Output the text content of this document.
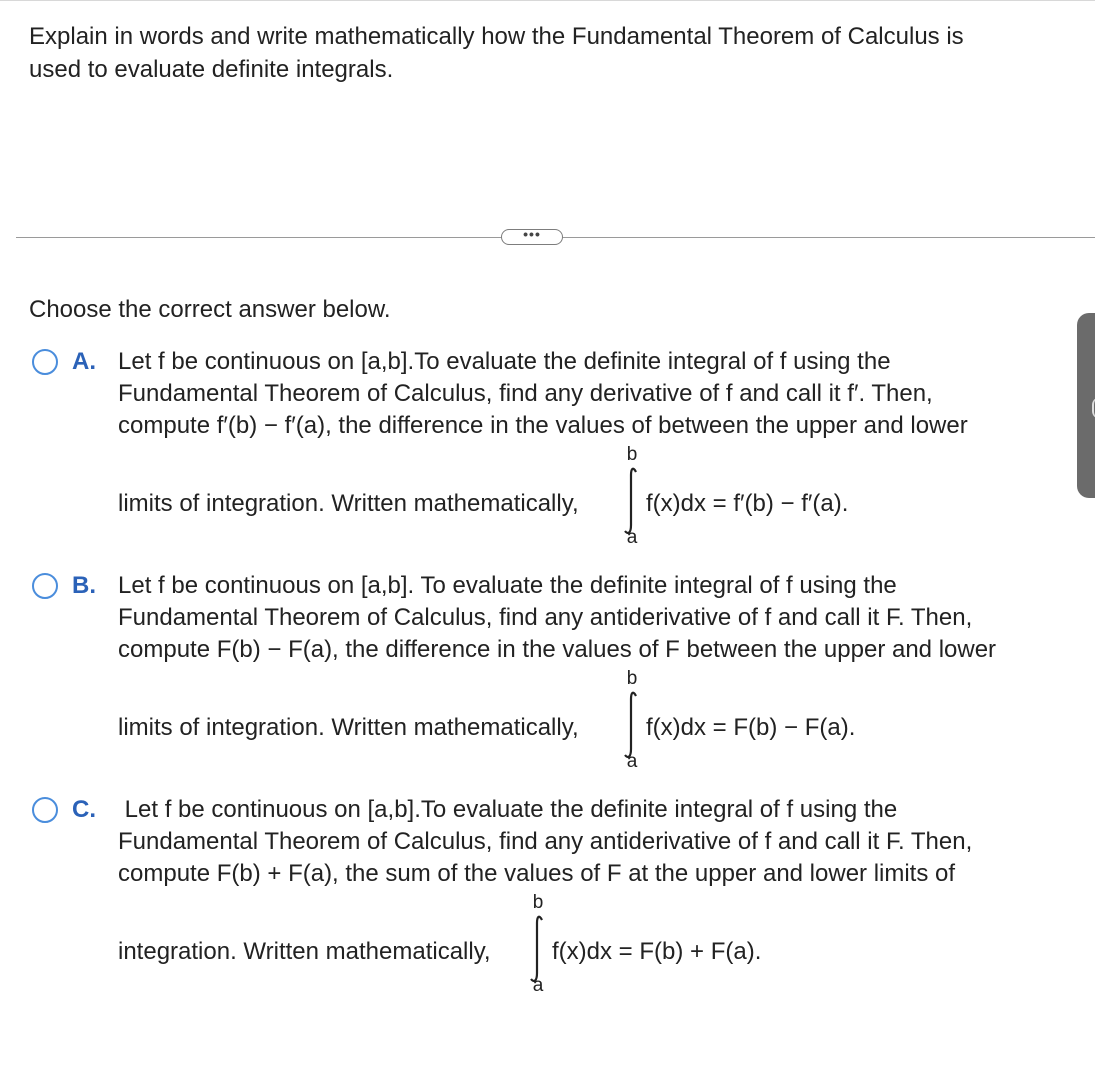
Explain in words and write mathematically how the Fundamental Theorem of Calculus is
used to evaluate definite integrals.
•••
Choose the correct answer below.
A. Let f be continuous on [a,b].To evaluate the definite integral of f using the
Fundamental Theorem of Calculus, find any derivative of f and call it f′. Then,
compute f′(b) − f′(a), the difference in the values of between the upper and lower
limits of integration. Written mathematically,
b
a
f(x)dx = f′(b) − f′(a).
B. Let f be continuous on [a,b]. To evaluate the definite integral of f using the
Fundamental Theorem of Calculus, find any antiderivative of f and call it F. Then,
compute F(b) − F(a), the difference in the values of F between the upper and lower
limits of integration. Written mathematically,
b
a
f(x)dx = F(b) − F(a).
C. Let f be continuous on [a,b].To evaluate the definite integral of f using the
Fundamental Theorem of Calculus, find any antiderivative of f and call it F. Then,
compute F(b) + F(a), the sum of the values of F at the upper and lower limits of
integration. Written mathematically,
b
a
f(x)dx = F(b) + F(a).
